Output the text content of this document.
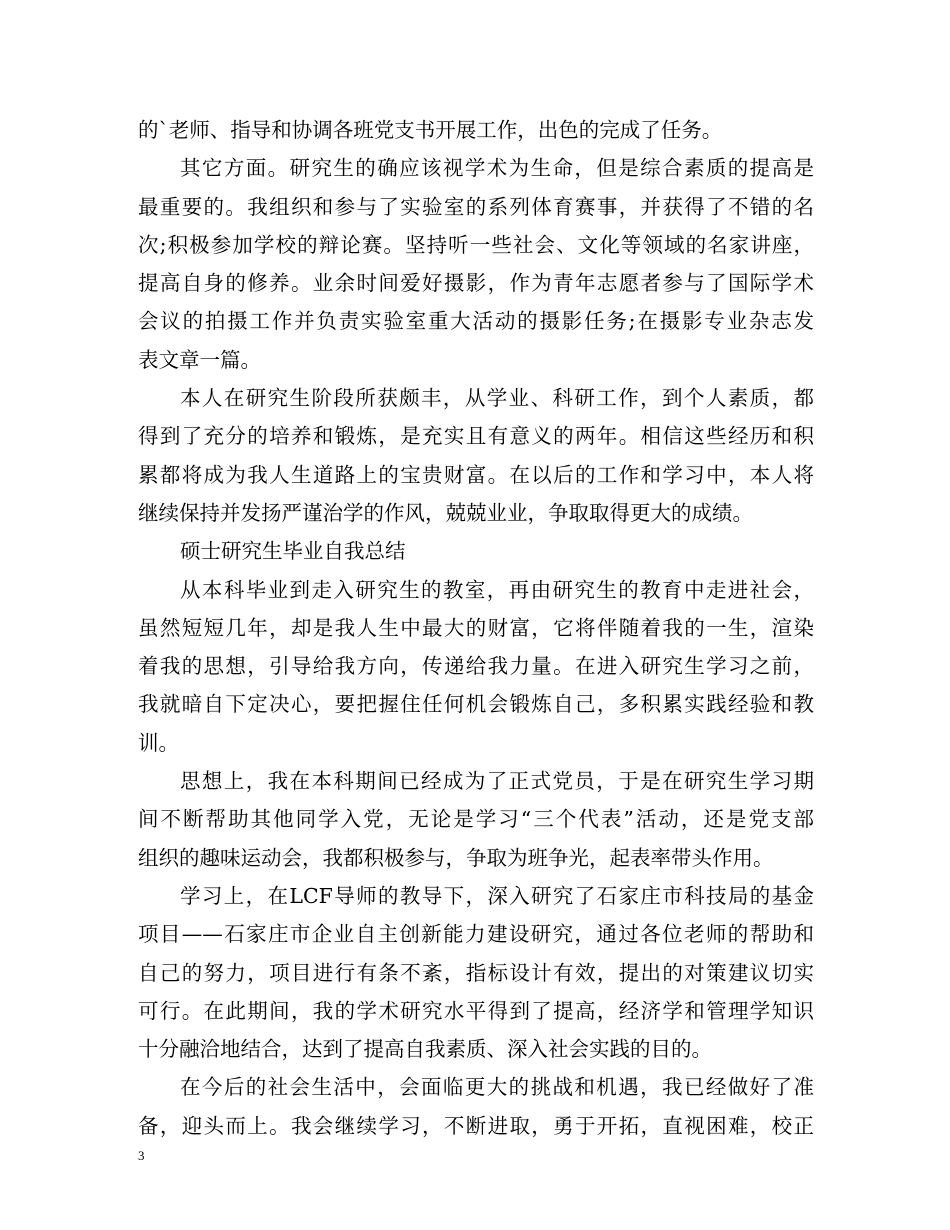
的`老师、指导和协调各班党支书开展工作，出色的完成了任务。
其它方面。研究生的确应该视学术为生命，但是综合素质的提高是
最重要的。我组织和参与了实验室的系列体育赛事，并获得了不错的名
次;积极参加学校的辩论赛。坚持听一些社会、文化等领域的名家讲座，
提高自身的修养。业余时间爱好摄影，作为青年志愿者参与了国际学术
会议的拍摄工作并负责实验室重大活动的摄影任务;在摄影专业杂志发
表文章一篇。
本人在研究生阶段所获颇丰，从学业、科研工作，到个人素质，都
得到了充分的培养和锻炼，是充实且有意义的两年。相信这些经历和积
累都将成为我人生道路上的宝贵财富。在以后的工作和学习中，本人将
继续保持并发扬严谨治学的作风，兢兢业业，争取取得更大的成绩。
硕士研究生毕业自我总结
从本科毕业到走入研究生的教室，再由研究生的教育中走进社会，
虽然短短几年，却是我人生中最大的财富，它将伴随着我的一生，渲染
着我的思想，引导给我方向，传递给我力量。在进入研究生学习之前，
我就暗自下定决心，要把握住任何机会锻炼自己，多积累实践经验和教
训。
思想上，我在本科期间已经成为了正式党员，于是在研究生学习期
间不断帮助其他同学入党，无论是学习“三个代表”活动，还是党支部
组织的趣味运动会，我都积极参与，争取为班争光，起表率带头作用。
学习上，在LCF导师的教导下，深入研究了石家庄市科技局的基金
项目——石家庄市企业自主创新能力建设研究，通过各位老师的帮助和
自己的努力，项目进行有条不紊，指标设计有效，提出的对策建议切实
可行。在此期间，我的学术研究水平得到了提高，经济学和管理学知识
十分融洽地结合，达到了提高自我素质、深入社会实践的目的。
在今后的社会生活中，会面临更大的挑战和机遇，我已经做好了准
备，迎头而上。我会继续学习，不断进取，勇于开拓，直视困难，校正
3
